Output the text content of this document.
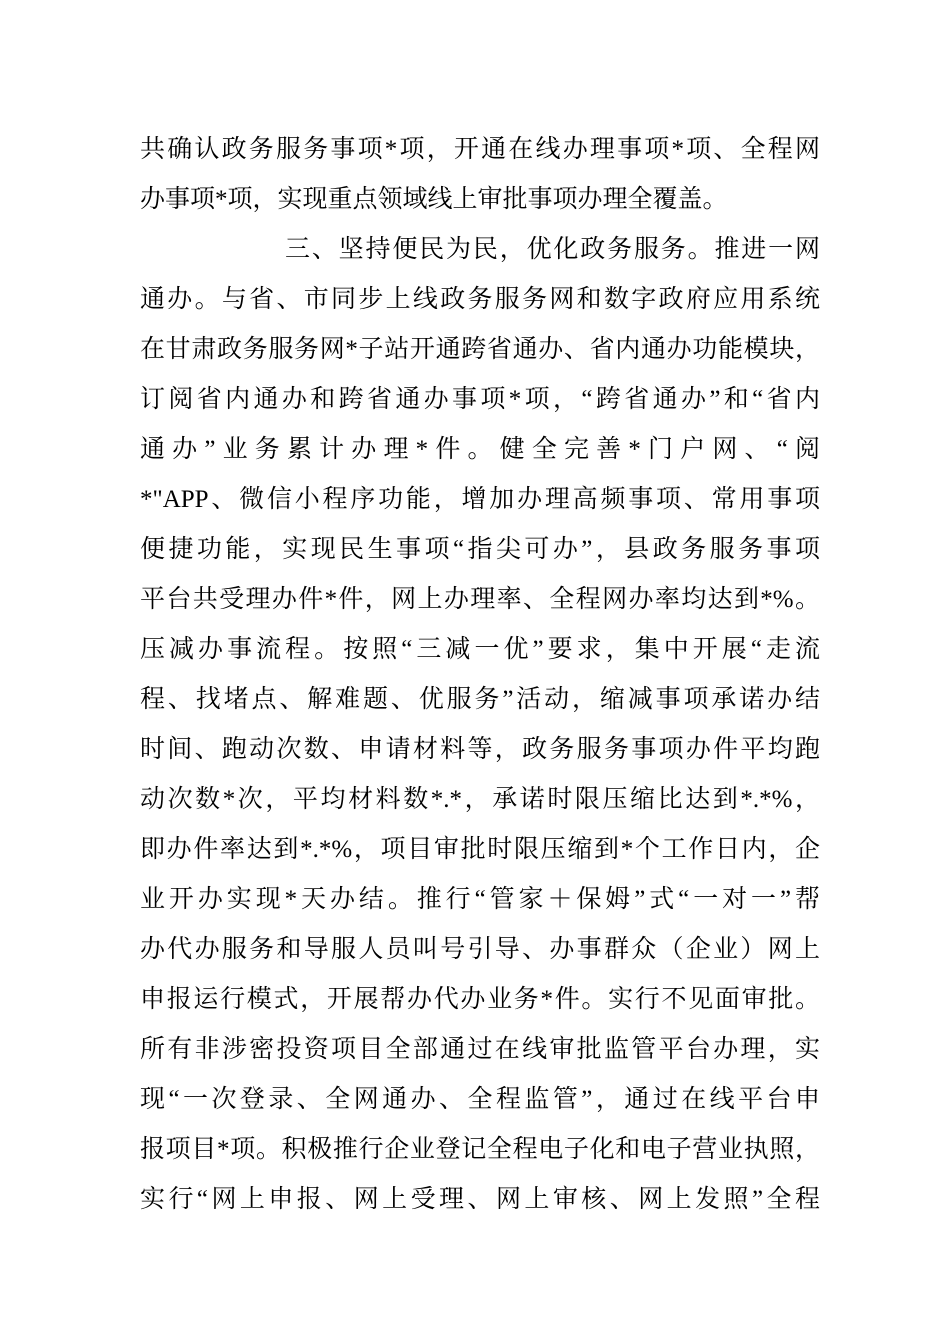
共确认政务服务事项*项，开通在线办理事项*项、全程网
办事项*项，实现重点领域线上审批事项办理全覆盖。
三、坚持便民为民，优化政务服务。推进一网
通办。与省、市同步上线政务服务网和数字政府应用系统
在甘肃政务服务网*子站开通跨省通办、省内通办功能模块，
订阅省内通办和跨省通办事项*项，“跨省通办”和“省内
通办”业务累计办理*件。健全完善*门户网、“阅
*"APP、微信小程序功能，增加办理高频事项、常用事项
便捷功能，实现民生事项“指尖可办”，县政务服务事项
平台共受理办件*件，网上办理率、全程网办率均达到*%。
压减办事流程。按照“三减一优”要求，集中开展“走流
程、找堵点、解难题、优服务”活动，缩减事项承诺办结
时间、跑动次数、申请材料等，政务服务事项办件平均跑
动次数*次，平均材料数*.*，承诺时限压缩比达到*.*%，
即办件率达到*.*%，项目审批时限压缩到*个工作日内，企
业开办实现*天办结。推行“管家＋保姆”式“一对一”帮
办代办服务和导服人员叫号引导、办事群众（企业）网上
申报运行模式，开展帮办代办业务*件。实行不见面审批。
所有非涉密投资项目全部通过在线审批监管平台办理，实
现“一次登录、全网通办、全程监管”，通过在线平台申
报项目*项。积极推行企业登记全程电子化和电子营业执照，
实行“网上申报、网上受理、网上审核、网上发照”全程
